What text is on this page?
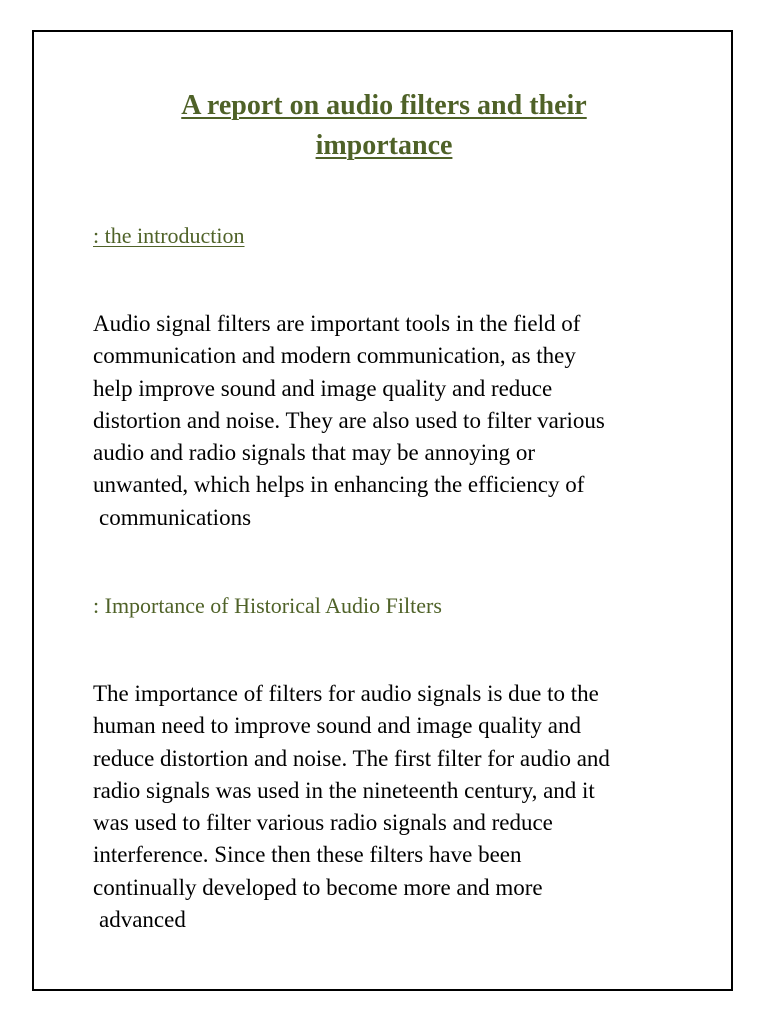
A report on audio filters and their
importance
: the introduction
Audio signal filters are important tools in the field of
communication and modern communication, as they
help improve sound and image quality and reduce
distortion and noise. They are also used to filter various
audio and radio signals that may be annoying or
unwanted, which helps in enhancing the efficiency of
communications
: Importance of Historical Audio Filters
The importance of filters for audio signals is due to the
human need to improve sound and image quality and
reduce distortion and noise. The first filter for audio and
radio signals was used in the nineteenth century, and it
was used to filter various radio signals and reduce
interference. Since then these filters have been
continually developed to become more and more
advanced
